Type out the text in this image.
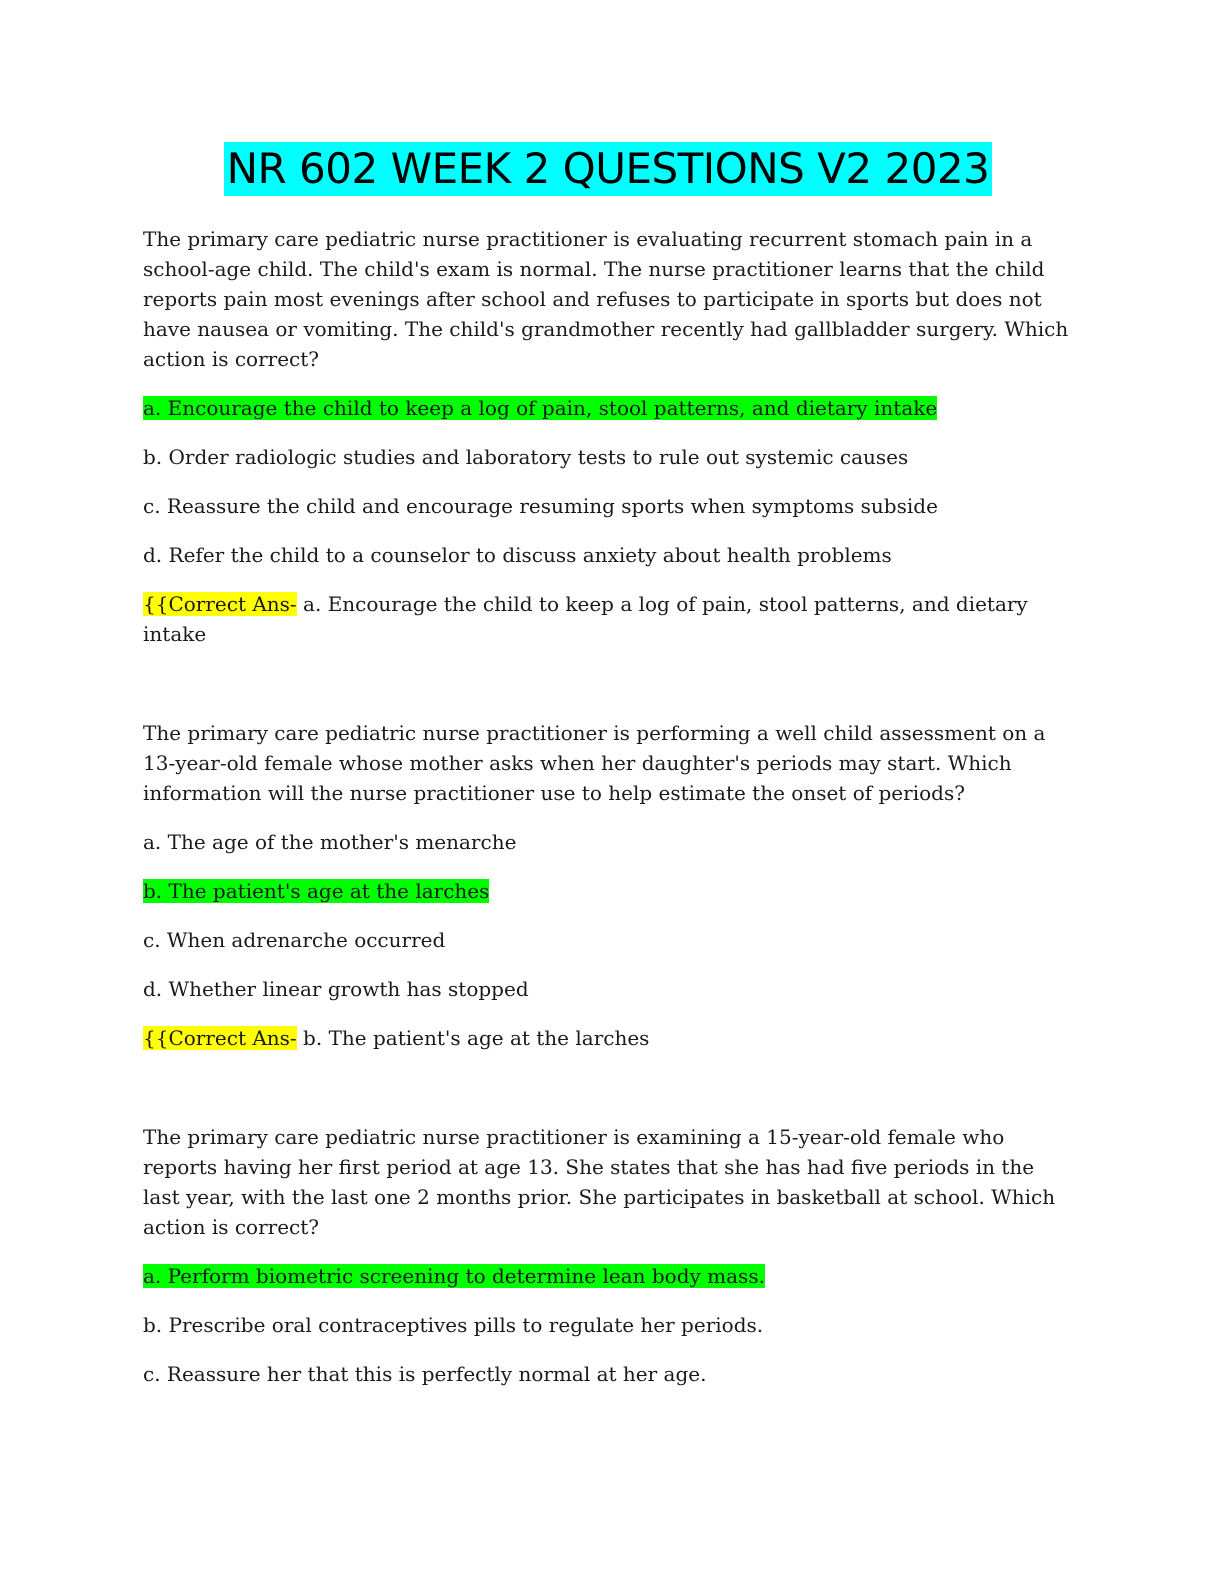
NR 602 WEEK 2 QUESTIONS V2 2023

The primary care pediatric nurse practitioner is evaluating recurrent stomach pain in a school-age child. The child's exam is normal. The nurse practitioner learns that the child reports pain most evenings after school and refuses to participate in sports but does not have nausea or vomiting. The child's grandmother recently had gallbladder surgery. Which action is correct?

a. Encourage the child to keep a log of pain, stool patterns, and dietary intake

b. Order radiologic studies and laboratory tests to rule out systemic causes

c. Reassure the child and encourage resuming sports when symptoms subside

d. Refer the child to a counselor to discuss anxiety about health problems

{{Correct Ans- a. Encourage the child to keep a log of pain, stool patterns, and dietary intake

The primary care pediatric nurse practitioner is performing a well child assessment on a 13-year-old female whose mother asks when her daughter's periods may start. Which information will the nurse practitioner use to help estimate the onset of periods?

a. The age of the mother's menarche

b. The patient's age at the larches

c. When adrenarche occurred

d. Whether linear growth has stopped

{{Correct Ans- b. The patient's age at the larches

The primary care pediatric nurse practitioner is examining a 15-year-old female who reports having her first period at age 13. She states that she has had five periods in the last year, with the last one 2 months prior. She participates in basketball at school. Which action is correct?

a. Perform biometric screening to determine lean body mass.

b. Prescribe oral contraceptives pills to regulate her periods.

c. Reassure her that this is perfectly normal at her age.
